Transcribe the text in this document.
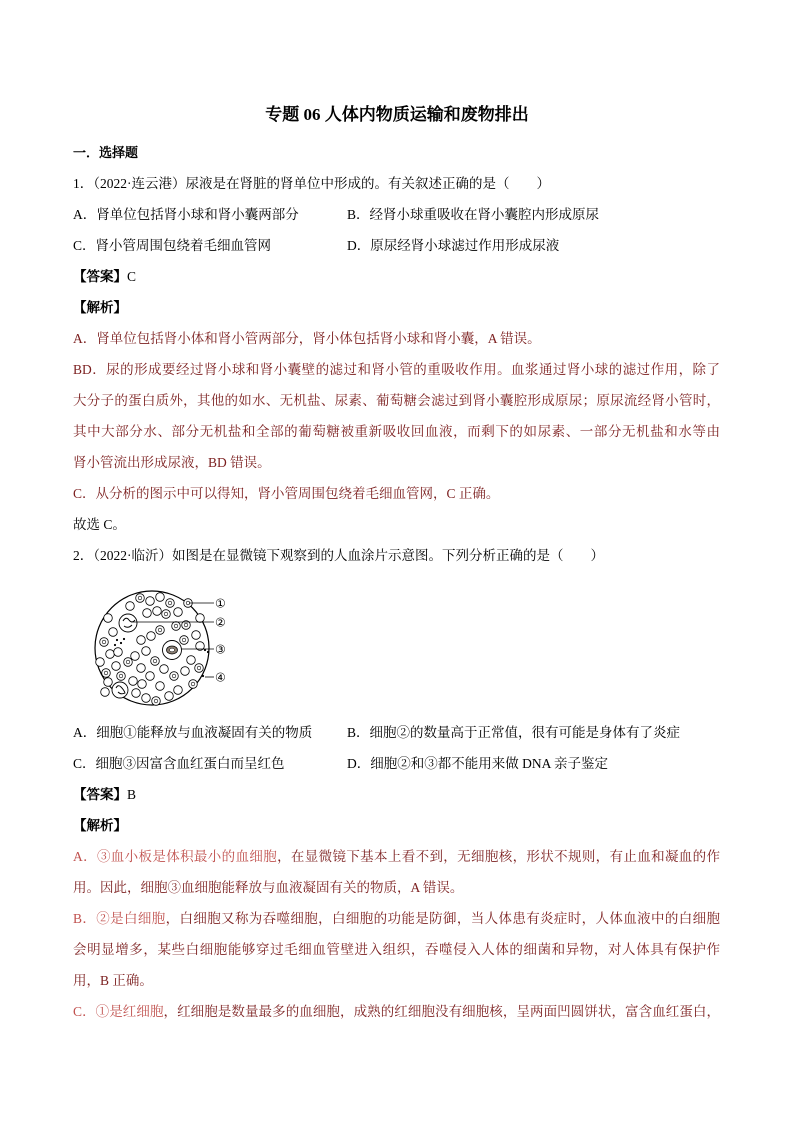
专题 06 人体内物质运输和废物排出
一．选择题
1．（2022·连云港）尿液是在肾脏的肾单位中形成的。有关叙述正确的是（　　）
A．肾单位包括肾小球和肾小囊两部分	B．经肾小球重吸收在肾小囊腔内形成原尿
C．肾小管周围包绕着毛细血管网	D．原尿经肾小球滤过作用形成尿液
【答案】C
【解析】
A．肾单位包括肾小体和肾小管两部分，肾小体包括肾小球和肾小囊，A 错误。
BD．尿的形成要经过肾小球和肾小囊壁的滤过和肾小管的重吸收作用。血浆通过肾小球的滤过作用，除了
大分子的蛋白质外，其他的如水、无机盐、尿素、葡萄糖会滤过到肾小囊腔形成原尿；原尿流经肾小管时，
其中大部分水、部分无机盐和全部的葡萄糖被重新吸收回血液，而剩下的如尿素、一部分无机盐和水等由
肾小管流出形成尿液，BD 错误。
C．从分析的图示中可以得知，肾小管周围包绕着毛细血管网，C 正确。
故选 C。
2．（2022·临沂）如图是在显微镜下观察到的人血涂片示意图。下列分析正确的是（　　）
①
②
③
④
A．细胞①能释放与血液凝固有关的物质	B．细胞②的数量高于正常值，很有可能是身体有了炎症
C．细胞③因富含血红蛋白而呈红色	D．细胞②和③都不能用来做 DNA 亲子鉴定
【答案】B
【解析】
A．③血小板是体积最小的血细胞，在显微镜下基本上看不到，无细胞核，形状不规则，有止血和凝血的作
用。因此，细胞③血细胞能释放与血液凝固有关的物质，A 错误。
B．②是白细胞，白细胞又称为吞噬细胞，白细胞的功能是防御，当人体患有炎症时，人体血液中的白细胞
会明显增多，某些白细胞能够穿过毛细血管壁进入组织，吞噬侵入人体的细菌和异物，对人体具有保护作
用，B 正确。
C．①是红细胞，红细胞是数量最多的血细胞，成熟的红细胞没有细胞核，呈两面凹圆饼状，富含血红蛋白，
